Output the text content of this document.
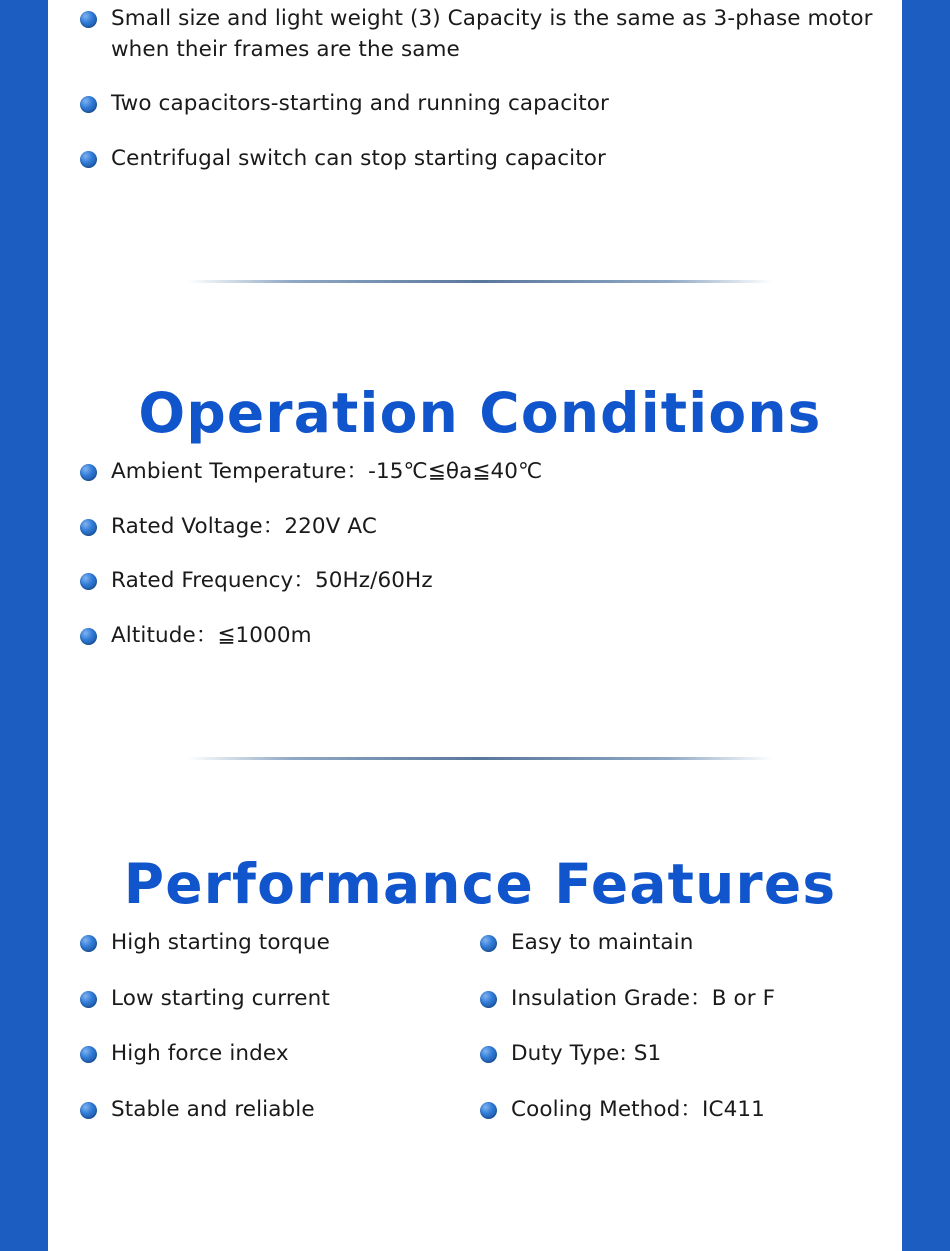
Small size and light weight (3) Capacity is the same as 3-phase motor when their frames are the same
Two capacitors-starting and running capacitor
Centrifugal switch can stop starting capacitor
Operation Conditions
Ambient Temperature：-15℃≦θa≦40℃
Rated Voltage：220V AC
Rated Frequency：50Hz/60Hz
Altitude：≦1000m
Performance Features
High starting torque
Low starting current
High force index
Stable and reliable
Easy to maintain
Insulation Grade：B or F
Duty Type: S1
Cooling Method：IC411
